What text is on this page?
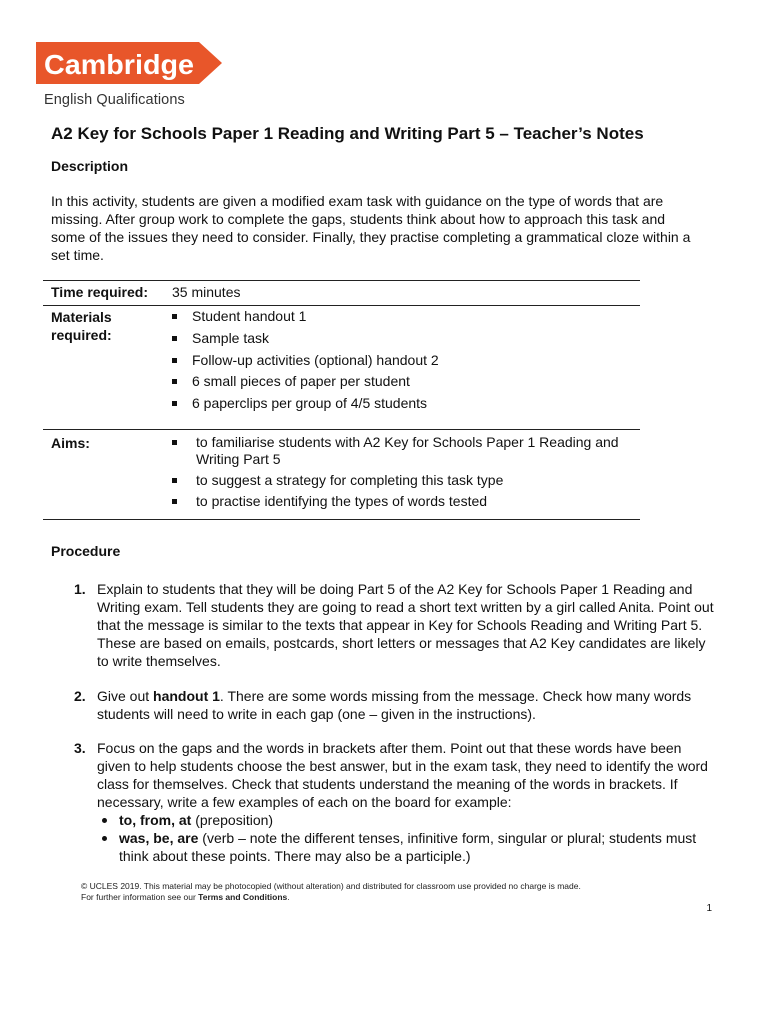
Cambridge
English Qualifications
A2 Key for Schools Paper 1 Reading and Writing Part 5 – Teacher’s Notes
Description

In this activity, students are given a modified exam task with guidance on the type of words that are missing. After group work to complete the gaps, students think about how to approach this task and some of the issues they need to consider. Finally, they practise completing a grammatical cloze within a set time.

Time required: 35 minutes
Materials required:
Student handout 1
Sample task
Follow-up activities (optional) handout 2
6 small pieces of paper per student
6 paperclips per group of 4/5 students
Aims:	to familiarise students with A2 Key for Schools Paper 1 Reading and Writing Part 5
to suggest a strategy for completing this task type
to practise identifying the types of words tested
Procedure
1. Explain to students that they will be doing Part 5 of the A2 Key for Schools Paper 1 Reading and Writing exam. Tell students they are going to read a short text written by a girl called Anita. Point out that the message is similar to the texts that appear in Key for Schools Reading and Writing Part 5. These are based on emails, postcards, short letters or messages that A2 Key candidates are likely to write themselves.
2. Give out handout 1. There are some words missing from the message. Check how many words students will need to write in each gap (one – given in the instructions).
3. Focus on the gaps and the words in brackets after them. Point out that these words have been given to help students choose the best answer, but in the exam task, they need to identify the word class for themselves. Check that students understand the meaning of the words in brackets. If necessary, write a few examples of each on the board for example:
to, from, at (preposition)
was, be, are (verb – note the different tenses, infinitive form, singular or plural; students must think about these points. There may also be a participle.)
© UCLES 2019. This material may be photocopied (without alteration) and distributed for classroom use provided no charge is made.
For further information see our Terms and Conditions.
1
